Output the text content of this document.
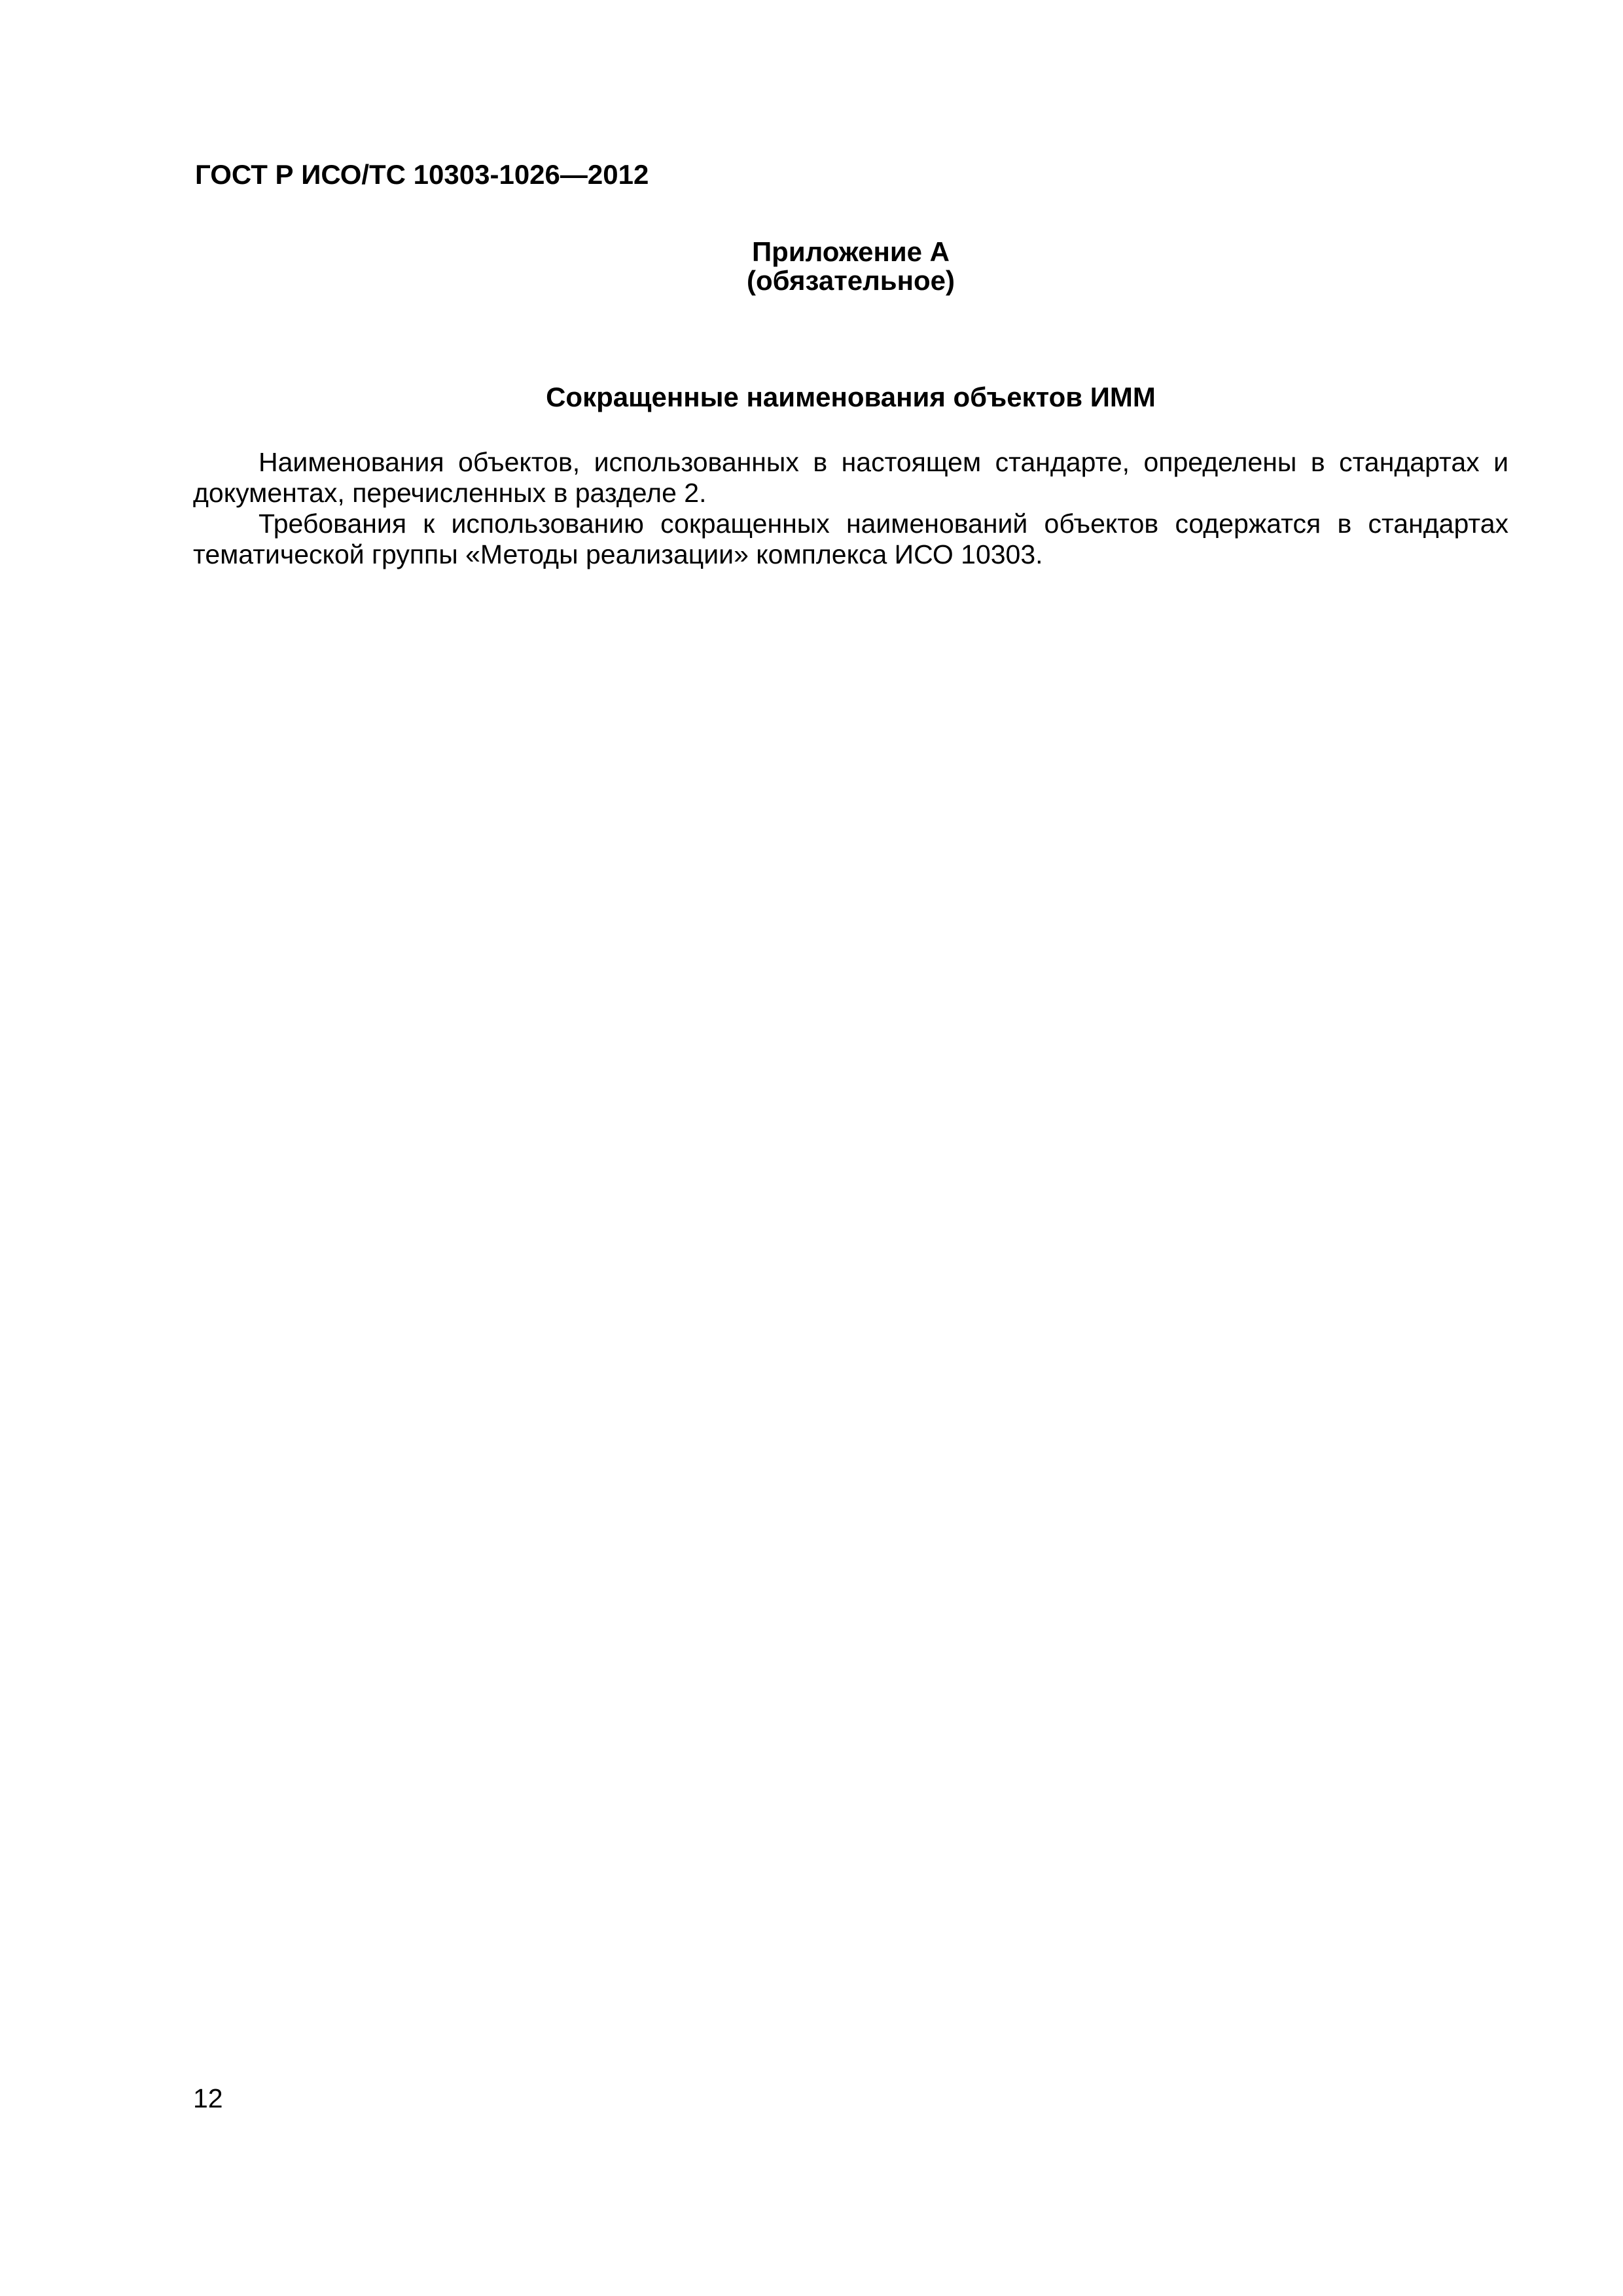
ГОСТ Р ИСО/ТС 10303-1026—2012
Приложение А
(обязательное)
Сокращенные наименования объектов ИММ

Наименования объектов, использованных в настоящем стандарте, определены в стандартах и документах, перечисленных в разделе 2.

Требования к использованию сокращенных наименований объектов содержатся в стандартах тематической группы «Методы реализации» комплекса ИСО 10303.

12
